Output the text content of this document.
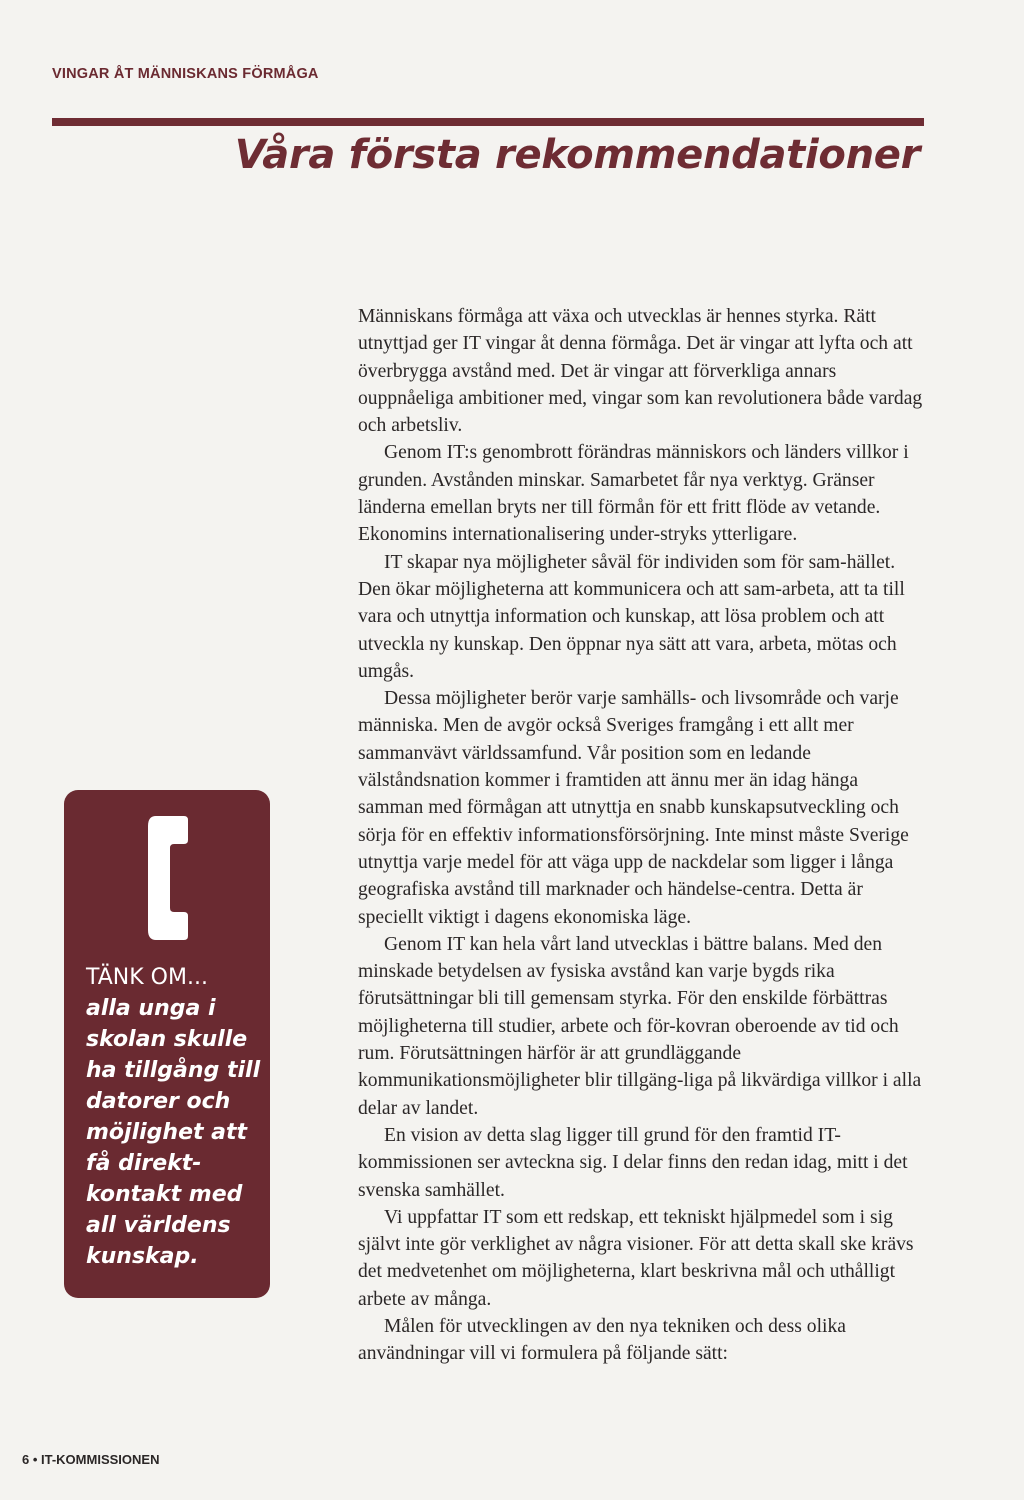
VINGAR ÅT MÄNNISKANS FÖRMÅGA
Våra första rekommendationer

Människans förmåga att växa och utvecklas är hennes styrka. Rätt utnyttjad ger IT vingar åt denna förmåga. Det är vingar att lyfta och att överbrygga avstånd med. Det är vingar att förverkliga annars ouppnåeliga ambitioner med, vingar som kan revolutionera både vardag och arbetsliv.

Genom IT:s genombrott förändras människors och länders villkor i grunden. Avstånden minskar. Samarbetet får nya verktyg. Gränser länderna emellan bryts ner till förmån för ett fritt flöde av vetande. Ekonomins internationalisering under-stryks ytterligare.

IT skapar nya möjligheter såväl för individen som för sam-hället. Den ökar möjligheterna att kommunicera och att sam-arbeta, att ta till vara och utnyttja information och kunskap, att lösa problem och att utveckla ny kunskap. Den öppnar nya sätt att vara, arbeta, mötas och umgås.

Dessa möjligheter berör varje samhälls- och livsområde och varje människa. Men de avgör också Sveriges framgång i ett allt mer sammanvävt världssamfund. Vår position som en ledande välståndsnation kommer i framtiden att ännu mer än idag hänga samman med förmågan att utnyttja en snabb kunskapsutveckling och sörja för en effektiv informationsförsörjning. Inte minst måste Sverige utnyttja varje medel för att väga upp de nackdelar som ligger i långa geografiska avstånd till marknader och händelse-centra. Detta är speciellt viktigt i dagens ekonomiska läge.

Genom IT kan hela vårt land utvecklas i bättre balans. Med den minskade betydelsen av fysiska avstånd kan varje bygds rika förutsättningar bli till gemensam styrka. För den enskilde förbättras möjligheterna till studier, arbete och för-kovran oberoende av tid och rum. Förutsättningen härför är att grundläggande kommunikationsmöjligheter blir tillgäng-liga på likvärdiga villkor i alla delar av landet.

En vision av detta slag ligger till grund för den framtid IT-kommissionen ser avteckna sig. I delar finns den redan idag, mitt i det svenska samhället.

Vi uppfattar IT som ett redskap, ett tekniskt hjälpmedel som i sig självt inte gör verklighet av några visioner. För att detta skall ske krävs det medvetenhet om möjligheterna, klart beskrivna mål och uthålligt arbete av många.

Målen för utvecklingen av den nya tekniken och dess olika användningar vill vi formulera på följande sätt:

TÄNK OM...
alla unga i
skolan skulle
ha tillgång till
datorer och
möjlighet att
få direkt-
kontakt med
all världens
kunskap.
6 • IT-KOMMISSIONEN
